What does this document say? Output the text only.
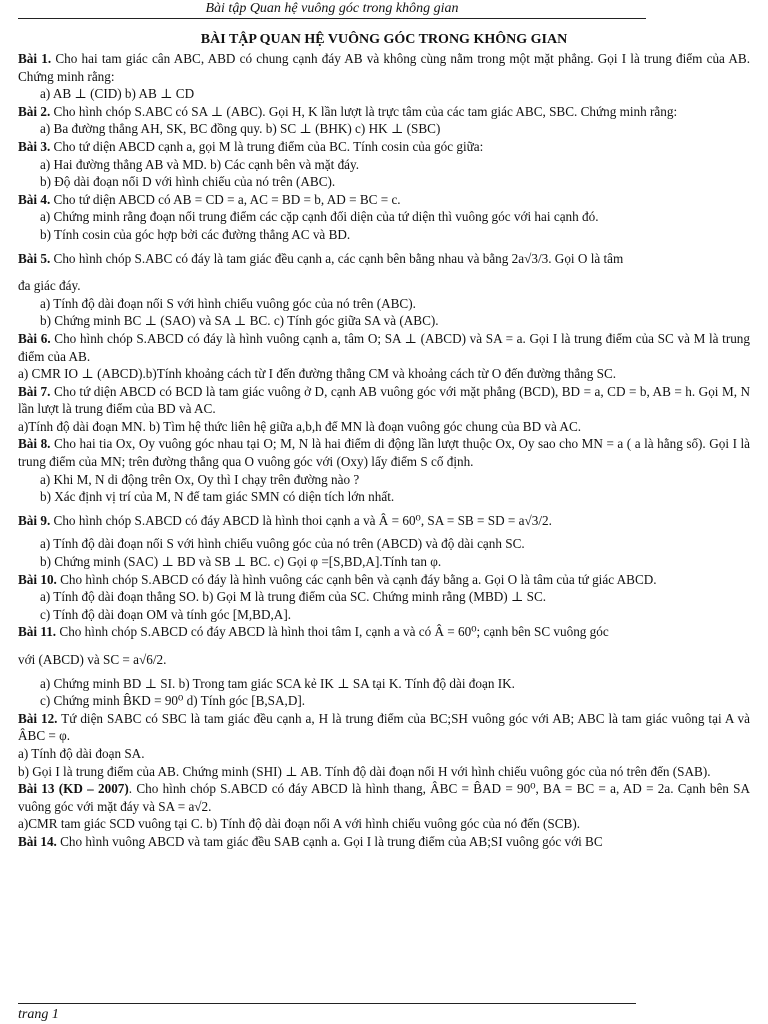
Bài tập Quan hệ vuông góc trong không gian
BÀI TẬP QUAN HỆ VUÔNG GÓC TRONG KHÔNG GIAN

Bài 1. Cho hai tam giác cân ABC, ABD có chung cạnh đáy AB và không cùng nằm trong một mặt phẳng. Gọi I là trung điểm của AB. Chứng minh rằng:

a) AB ⊥ (CID) b) AB ⊥ CD

Bài 2. Cho hình chóp S.ABC có SA ⊥ (ABC). Gọi H, K lần lượt là trực tâm của các tam giác ABC, SBC. Chứng minh rằng:

a) Ba đường thẳng AH, SK, BC đồng quy. b) SC ⊥ (BHK) c) HK ⊥ (SBC)

Bài 3. Cho tứ diện ABCD cạnh a, gọi M là trung điểm của BC. Tính cosin của góc giữa:

a) Hai đường thẳng AB và MD. b) Các cạnh bên và mặt đáy.

b) Độ dài đoạn nối D với hình chiếu của nó trên (ABC).

Bài 4. Cho tứ diện ABCD có AB = CD = a, AC = BD = b, AD = BC = c.

a) Chứng minh rằng đoạn nối trung điểm các cặp cạnh đối diện của tứ diện thì vuông góc với hai cạnh đó.

b) Tính cosin của góc hợp bởi các đường thẳng AC và BD.

Bài 5. Cho hình chóp S.ABC có đáy là tam giác đều cạnh a, các cạnh bên bằng nhau và bằng 2a√3/3. Gọi O là tâm

đa giác đáy.

a) Tính độ dài đoạn nối S với hình chiếu vuông góc của nó trên (ABC).

b) Chứng minh BC ⊥ (SAO) và SA ⊥ BC. c) Tính góc giữa SA và (ABC).

Bài 6. Cho hình chóp S.ABCD có đáy là hình vuông cạnh a, tâm O; SA ⊥ (ABCD) và SA = a. Gọi I là trung điểm của SC và M là trung điểm của AB.

a) CMR IO ⊥ (ABCD).b)Tính khoảng cách từ I đến đường thẳng CM và khoảng cách từ O đến đường thẳng SC.

Bài 7. Cho tứ diện ABCD có BCD là tam giác vuông ở D, cạnh AB vuông góc với mặt phẳng (BCD), BD = a, CD = b, AB = h. Gọi M, N lần lượt là trung điểm của BD và AC.

a)Tính độ dài đoạn MN. b) Tìm hệ thức liên hệ giữa a,b,h để MN là đoạn vuông góc chung của BD và AC.

Bài 8. Cho hai tia Ox, Oy vuông góc nhau tại O; M, N là hai điểm di động lần lượt thuộc Ox, Oy sao cho MN = a ( a là hằng số). Gọi I là trung điểm của MN; trên đường thẳng qua O vuông góc với (Oxy) lấy điểm S cố định.

a) Khi M, N di động trên Ox, Oy thì I chạy trên đường nào ?

b) Xác định vị trí của M, N để tam giác SMN có diện tích lớn nhất.

Bài 9. Cho hình chóp S.ABCD có đáy ABCD là hình thoi cạnh a và Â = 60⁰, SA = SB = SD = a√3/2.

a) Tính độ dài đoạn nối S với hình chiếu vuông góc của nó trên (ABCD) và độ dài cạnh SC.

b) Chứng minh (SAC) ⊥ BD và SB ⊥ BC. c) Gọi φ =[S,BD,A].Tính tan φ.

Bài 10. Cho hình chóp S.ABCD có đáy là hình vuông các cạnh bên và cạnh đáy bằng a. Gọi O là tâm của tứ giác ABCD.

a) Tính độ dài đoạn thẳng SO. b) Gọi M là trung điểm của SC. Chứng minh rằng (MBD) ⊥ SC.

c) Tính độ dài đoạn OM và tính góc [M,BD,A].

Bài 11. Cho hình chóp S.ABCD có đáy ABCD là hình thoi tâm I, cạnh a và có Â = 60⁰; cạnh bên SC vuông góc

với (ABCD) và SC = a√6/2.

a) Chứng minh BD ⊥ SI. b) Trong tam giác SCA kẻ IK ⊥ SA tại K. Tính độ dài đoạn IK.

c) Chứng minh B̂KD = 90⁰ d) Tính góc [B,SA,D].

Bài 12. Tứ diện SABC có SBC là tam giác đều cạnh a, H là trung điểm của BC;SH vuông góc với AB; ABC là tam giác vuông tại A và ÂBC = φ.

a) Tính độ dài đoạn SA.

b) Gọi I là trung điểm của AB. Chứng minh (SHI) ⊥ AB. Tính độ dài đoạn nối H với hình chiếu vuông góc của nó trên đến (SAB).

Bài 13 (KD – 2007). Cho hình chóp S.ABCD có đáy ABCD là hình thang, ÂBC = B̂AD = 90⁰, BA = BC = a, AD = 2a. Cạnh bên SA vuông góc với mặt đáy và SA = a√2.

a)CMR tam giác SCD vuông tại C. b) Tính độ dài đoạn nối A với hình chiếu vuông góc của nó đến (SCB).

Bài 14. Cho hình vuông ABCD và tam giác đều SAB cạnh a. Gọi I là trung điểm của AB;SI vuông góc với BC

trang 1
